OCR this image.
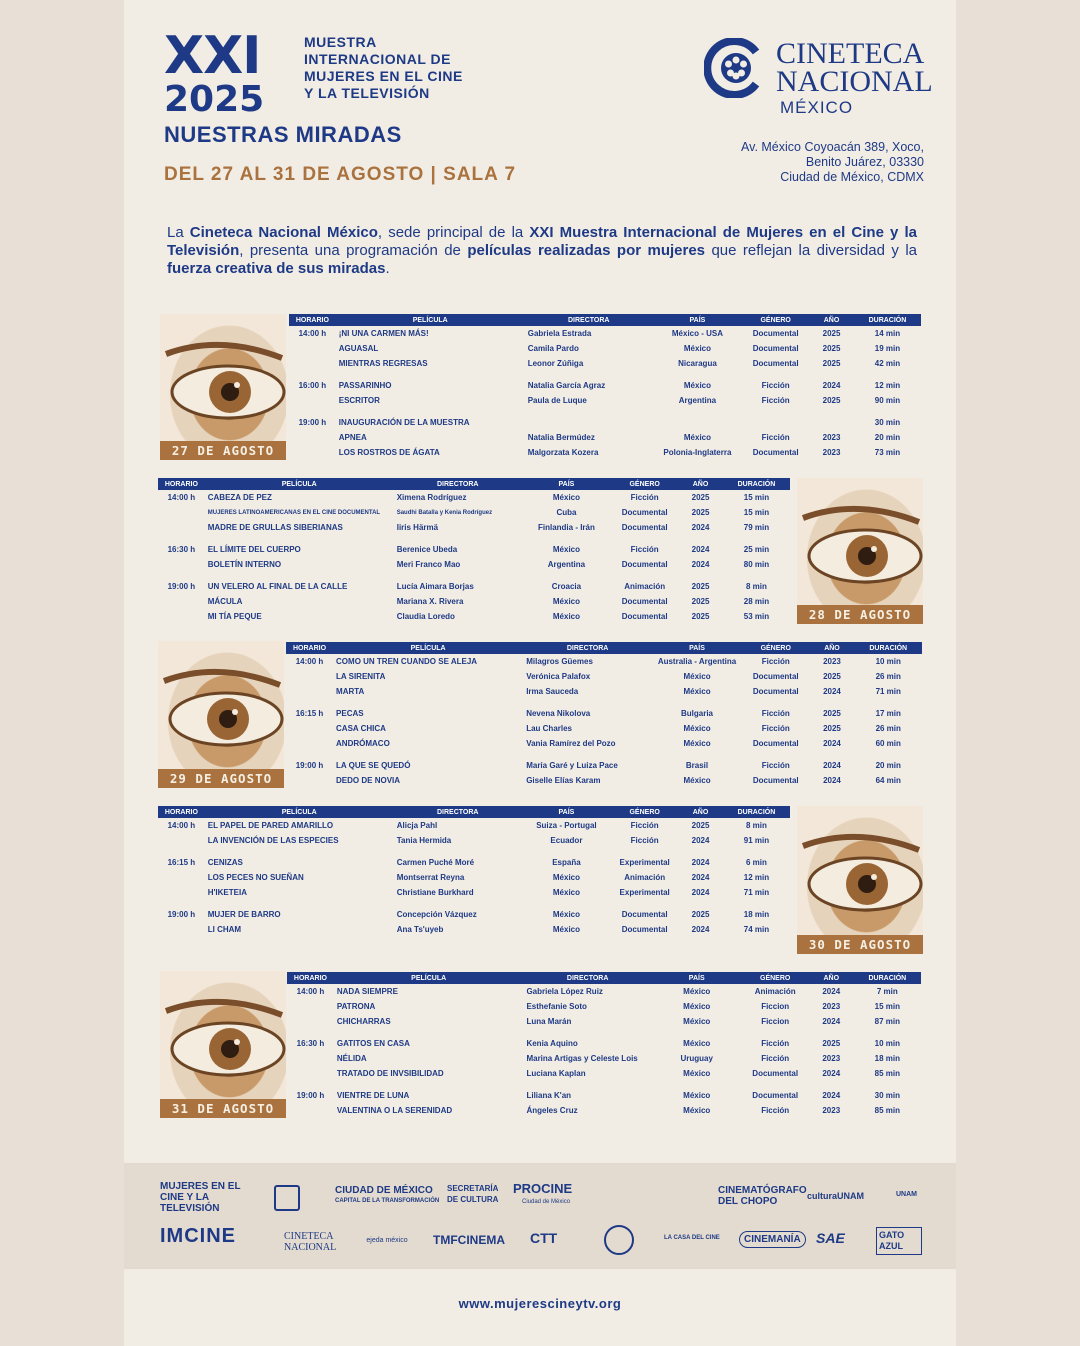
XXI
2025
MUESTRA INTERNACIONAL DE MUJERES EN EL CINE Y LA TELEVISIÓN
NUESTRAS MIRADAS
DEL 27 AL 31 DE AGOSTO | SALA 7
CINETECA
NACIONAL
MÉXICO
Av. México Coyoacán 389, Xoco,
Benito Juárez, 03330
Ciudad de México, CDMX
La Cineteca Nacional México, sede principal de la XXI Muestra Internacional de Mujeres en el Cine y la Televisión, presenta una programación de películas realizadas por mujeres que reflejan la diversidad y la fuerza creativa de sus miradas.
27 DE AGOSTO
HORARIO	PELÍCULA	DIRECTORA	PAÍS	GÉNERO	AÑO	DURACIÓN
14:00 h	¡NI UNA CARMEN MÁS!	Gabriela Estrada	México - USA	Documental	2025	14 min
	AGUASAL	Camila Pardo	México	Documental	2025	19 min
	MIENTRAS REGRESAS	Leonor Zúñiga	Nicaragua	Documental	2025	42 min

16:00 h	PASSARINHO	Natalia García Agraz	México	Ficción	2024	12 min
	ESCRITOR	Paula de Luque	Argentina	Ficción	2025	90 min

19:00 h	INAUGURACIÓN DE LA MUESTRA					30 min
	APNEA	Natalia Bermúdez	México	Ficción	2023	20 min
	LOS ROSTROS DE ÁGATA	Malgorzata Kozera	Polonia-Inglaterra	Documental	2023	73 min
28 DE AGOSTO
HORARIO	PELÍCULA	DIRECTORA	PAÍS	GÉNERO	AÑO	DURACIÓN
14:00 h	CABEZA DE PEZ	Ximena Rodríguez	México	Ficción	2025	15 min
	MUJERES LATINOAMERICANAS EN EL CINE DOCUMENTAL	Saudhi Batalla y Kenia Rodríguez	Cuba	Documental	2025	15 min
	MADRE DE GRULLAS SIBERIANAS	Iiris Härmä	Finlandia - Irán	Documental	2024	79 min

16:30 h	EL LÍMITE DEL CUERPO	Berenice Ubeda	México	Ficción	2024	25 min
	BOLETÍN INTERNO	Meri Franco Mao	Argentina	Documental	2024	80 min

19:00 h	UN VELERO AL FINAL DE LA CALLE	Lucía Aimara Borjas	Croacia	Animación	2025	8 min
	MÁCULA	Mariana X. Rivera	México	Documental	2025	28 min
	MI TÍA PEQUE	Claudia Loredo	México	Documental	2025	53 min
29 DE AGOSTO
HORARIO	PELÍCULA	DIRECTORA	PAÍS	GÉNERO	AÑO	DURACIÓN
14:00 h	COMO UN TREN CUANDO SE ALEJA	Milagros Güemes	Australia - Argentina	Ficción	2023	10 min
	LA SIRENITA	Verónica Palafox	México	Documental	2025	26 min
	MARTA	Irma Sauceda	México	Documental	2024	71 min

16:15 h	PECAS	Nevena Nikolova	Bulgaria	Ficción	2025	17 min
	CASA CHICA	Lau Charles	México	Ficción	2025	26 min
	ANDRÓMACO	Vania Ramírez del Pozo	México	Documental	2024	60 min

19:00 h	LA QUE SE QUEDÓ	María Garé y Luiza Pace	Brasil	Ficción	2024	20 min
	DEDO DE NOVIA	Giselle Elías Karam	México	Documental	2024	64 min
30 DE AGOSTO
HORARIO	PELÍCULA	DIRECTORA	PAÍS	GÉNERO	AÑO	DURACIÓN
14:00 h	EL PAPEL DE PARED AMARILLO	Alicja Pahl	Suiza - Portugal	Ficción	2025	8 min
	LA INVENCIÓN DE LAS ESPECIES	Tania Hermida	Ecuador	Ficción	2024	91 min

16:15 h	CENIZAS	Carmen Puché Moré	España	Experimental	2024	6 min
	LOS PECES NO SUEÑAN	Montserrat Reyna	México	Animación	2024	12 min
	H'IKETEIA	Christiane Burkhard	México	Experimental	2024	71 min

19:00 h	MUJER DE BARRO	Concepción Vázquez	México	Documental	2025	18 min
	LI CHAM	Ana Ts'uyeb	México	Documental	2024	74 min
31 DE AGOSTO
HORARIO	PELÍCULA	DIRECTORA	PAÍS	GÉNERO	AÑO	DURACIÓN
14:00 h	NADA SIEMPRE	Gabriela López Ruiz	México	Animación	2024	7 min
	PATRONA	Esthefanie Soto	México	Ficcion	2023	15 min
	CHICHARRAS	Luna Marán	México	Ficcion	2024	87 min

16:30 h	GATITOS EN CASA	Kenia Aquino	México	Ficción	2025	10 min
	NÉLIDA	Marina Artigas y Celeste Lois	Uruguay	Ficción	2023	18 min
	TRATADO DE INVSIBILIDAD	Luciana Kaplan	México	Documental	2024	85 min

19:00 h	VIENTRE DE LUNA	Liliana K'an	México	Documental	2024	30 min
	VALENTINA O LA SERENIDAD	Ángeles Cruz	México	Ficción	2023	85 min
MUJERES EN EL CINE Y LA TELEVISIÓN
CIUDAD DE MÉXICO
CAPITAL DE LA TRANSFORMACIÓN
SECRETARÍA DE CULTURA
PROCINE
Ciudad de México
CINEMATÓGRAFO DEL CHOPO	culturaUNAM	UNAM
IMCINE	CINETECA NACIONAL
ejeda méxico	TMFCINEMA CTT	LA CASA DEL CINE	CINEMANÍA	SAE	GATO AZUL
www.mujerescineytv.org
